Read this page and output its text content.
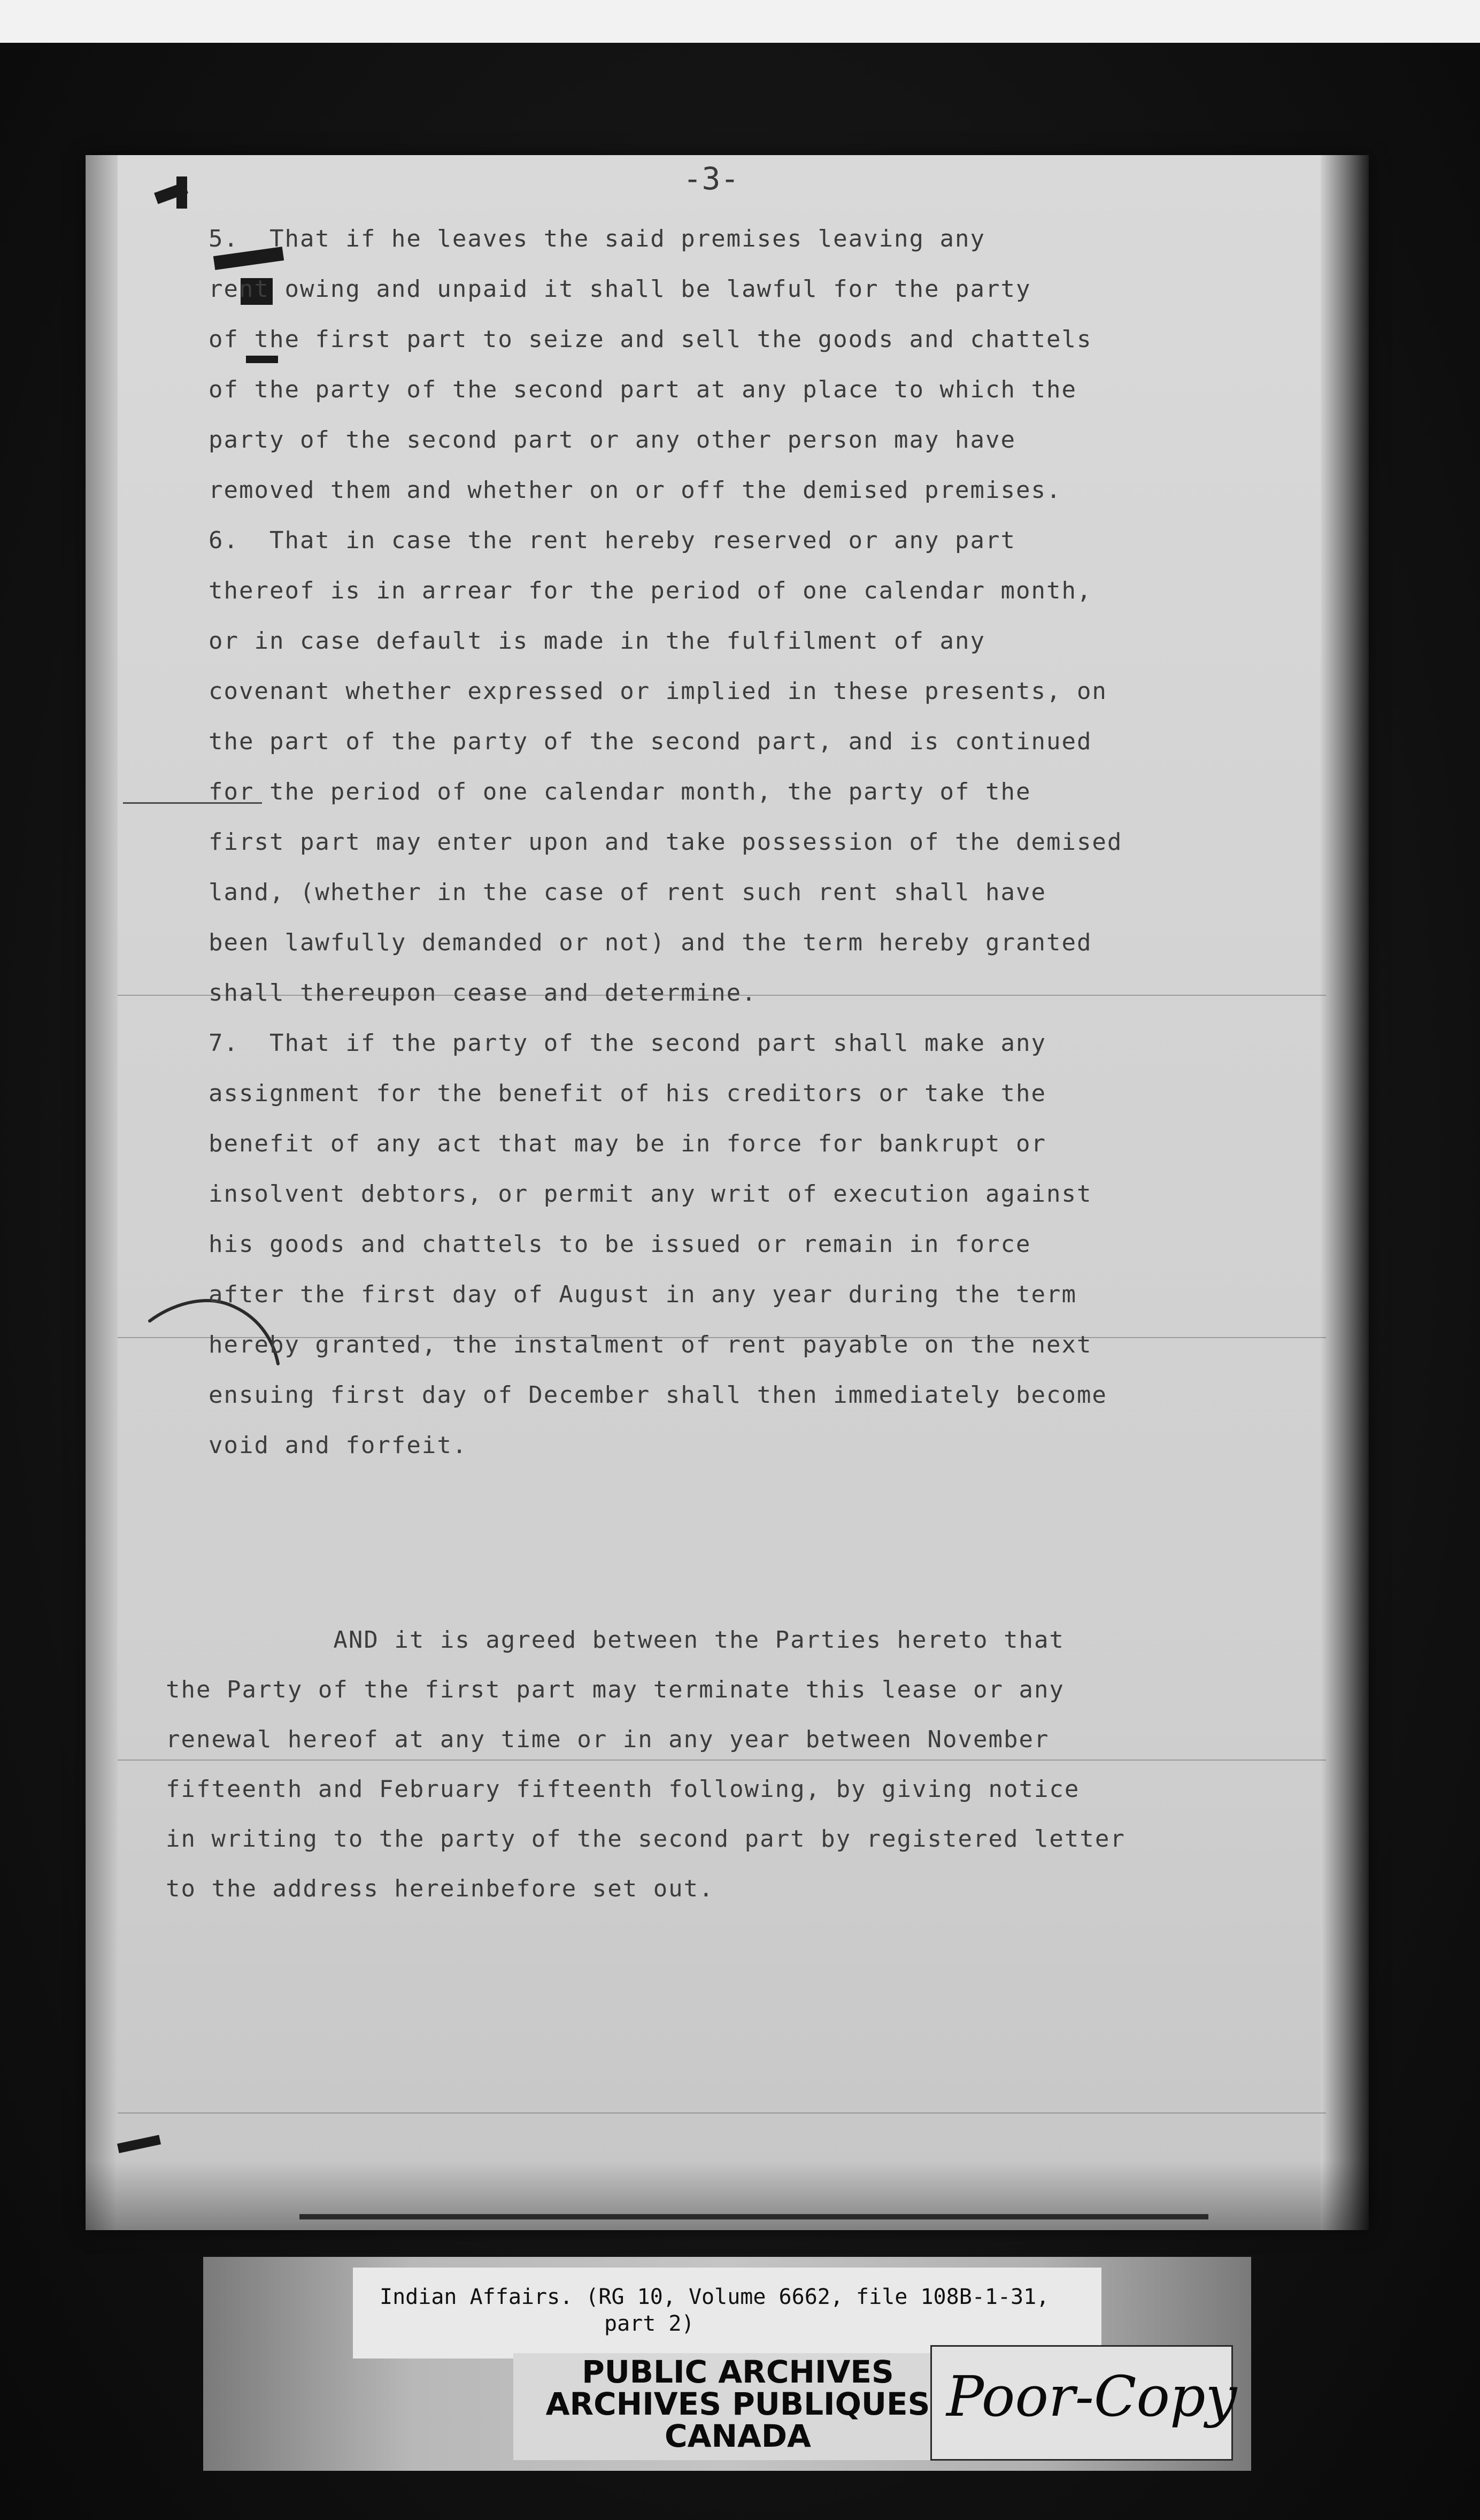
-3-

5.  That if he leaves the said premises leaving any

rent owing and unpaid it shall be lawful for the party

of the first part to seize and sell the goods and chattels

of the party of the second part at any place to which the

party of the second part or any other person may have

removed them and whether on or off the demised premises.

6.  That in case the rent hereby reserved or any part

thereof is in arrear for the period of one calendar month,

or in case default is made in the fulfilment of any

covenant whether expressed or implied in these presents, on

the part of the party of the second part, and is continued

for the period of one calendar month, the party of the

first part may enter upon and take possession of the demised

land, (whether in the case of rent such rent shall have

been lawfully demanded or not) and the term hereby granted

shall thereupon cease and determine.

7.  That if the party of the second part shall make any

assignment for the benefit of his creditors or take the

benefit of any act that may be in force for bankrupt or

insolvent debtors, or permit any writ of execution against

his goods and chattels to be issued or remain in force

after the first day of August in any year during the term

hereby granted, the instalment of rent payable on the next

ensuing first day of December shall then immediately become

void and forfeit.

AND it is agreed between the Parties hereto that

the Party of the first part may terminate this lease or any

renewal hereof at any time or in any year between November

fifteenth and February fifteenth following, by giving notice

in writing to the party of the second part by registered letter

to the address hereinbefore set out.

Indian Affairs. (RG 10, Volume 6662, file 108B-1-31,
part 2)
PUBLIC ARCHIVES
ARCHIVES PUBLIQUES
CANADA
Poor-Copy
